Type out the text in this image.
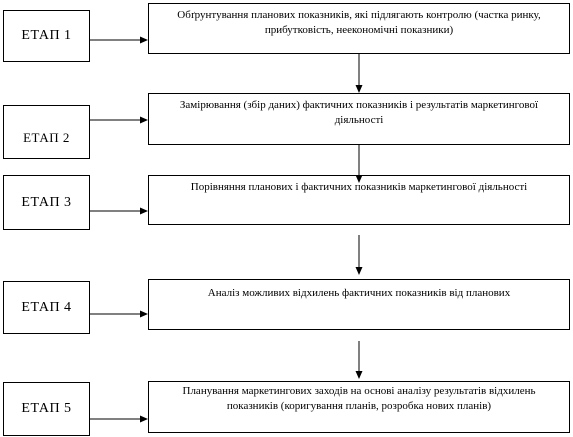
ЕТАП 1
ЕТАП 2
ЕТАП 3
ЕТАП 4
ЕТАП 5
Обґрунтування планових показників, які підлягають контролю (частка ринку, прибутковість, неекономічні показники)
Замірювання (збір даних) фактичних показників і результатів маркетингової діяльності
Порівняння планових і фактичних показників маркетингової діяльності
Аналіз можливих відхилень фактичних показників від планових
Планування маркетингових заходів на основі аналізу результатів відхилень показників (коригування планів, розробка нових планів)
